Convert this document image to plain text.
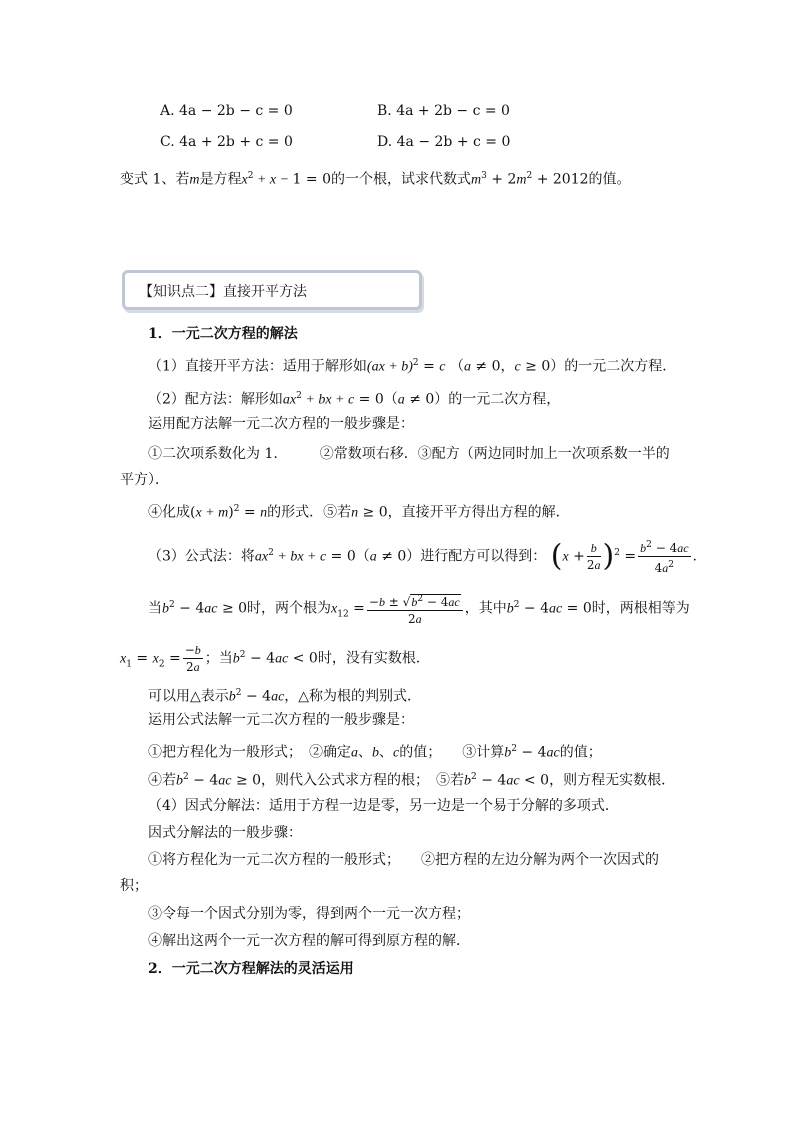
A. 4a − 2b − c = 0	B. 4a + 2b − c = 0
C. 4a + 2b + c = 0	D. 4a − 2b + c = 0
变式 1、若m是方程$x^2 + x - 1 = 0$的一个根，试求代数式$m^3 + 2m^2 + 2012$的值。
【知识点二】直接开平方法
1．一元二次方程的解法
（1）直接开平方法：适用于解形如(ax + b)$^2$ = c （a ≠ 0，c ≥ 0）的一元二次方程．
（2）配方法：解形如$ax^2$ + bx + c = 0（a ≠ 0）的一元二次方程，
运用配方法解一元二次方程的一般步骤是：
①二次项系数化为 1.　　　②常数项右移．③配方（两边同时加上一次项系数一半的
平方）．
④化成$(x + m)^2 = n$的形式．⑤若n ≥ 0，直接开平方得出方程的解．
（3）公式法：将$ax^2$ + bx + c = 0（a ≠ 0）进行配方可以得到： $(x + \frac{b}{2a} )^2 = \frac{b^2 - 4ac}{4a^2}$ .
当$b^2 - 4ac \ge 0$时，两个根为$x_{12} = \frac{-b \pm √b^2 - 4ac}{2a}$ ，其中$b^2 - 4ac = 0$时，两根相等为
$x_1 = x_2 = \frac{-b}{2a}$ ；当$b^2 - 4ac < 0$时，没有实数根．
可以用△表示$b^2 - 4ac$，△称为根的判别式．
运用公式法解一元二次方程的一般步骤是：
①把方程化为一般形式；　②确定a、b、c的值；　　③计算$b^2 - 4ac$的值；
④若$b^2 - 4ac \ge 0$，则代入公式求方程的根；　⑤若$b^2 - 4ac < 0$，则方程无实数根．
（4）因式分解法：适用于方程一边是零，另一边是一个易于分解的多项式．
因式分解法的一般步骤：
①将方程化为一元二次方程的一般形式；　　②把方程的左边分解为两个一次因式的
积；
③令每一个因式分别为零，得到两个一元一次方程；
④解出这两个一元一次方程的解可得到原方程的解．
2．一元二次方程解法的灵活运用
